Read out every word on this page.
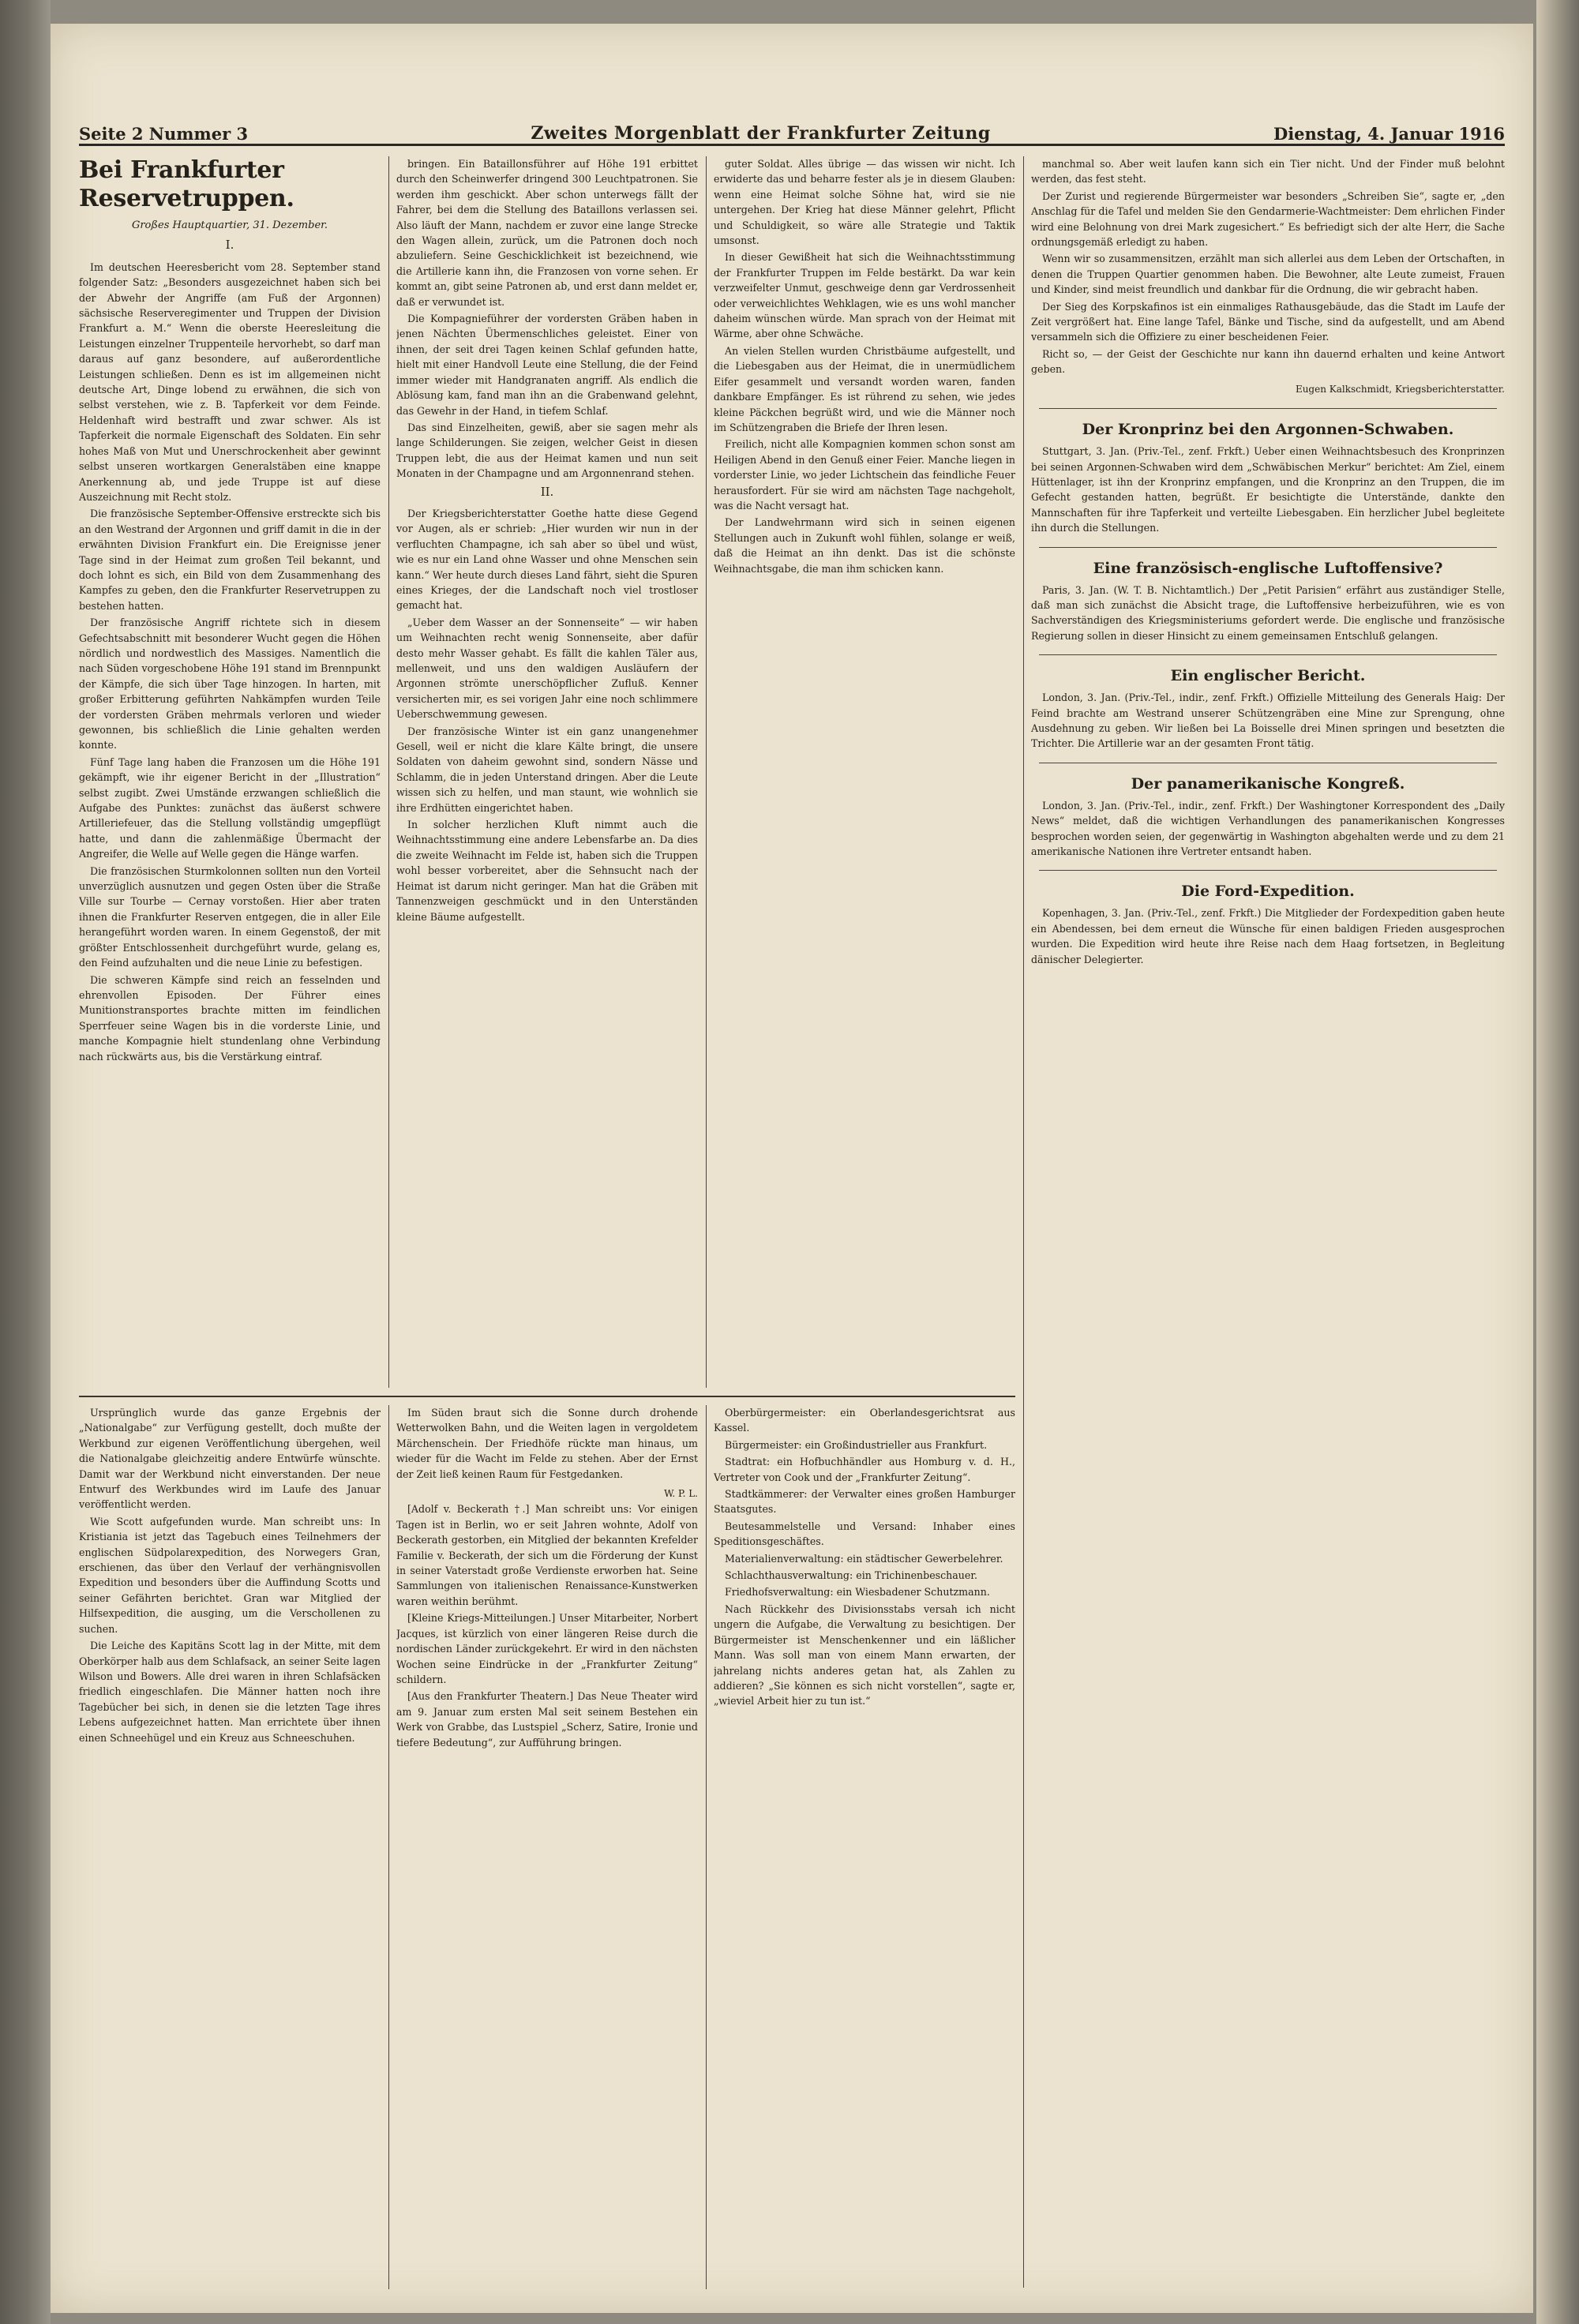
Seite 2 Nummer 3	Zweites Morgenblatt der Frankfurter Zeitung	Dienstag, 4. Januar 1916
Bei Frankfurter Reservetruppen.
Großes Hauptquartier, 31. Dezember.
I.

Im deutschen Heeresbericht vom 28. September stand folgender Satz: „Besonders ausgezeichnet haben sich bei der Abwehr der Angriffe (am Fuß der Argonnen) sächsische Reserveregimenter und Truppen der Division Frankfurt a. M.“ Wenn die oberste Heeresleitung die Leistungen einzelner Truppenteile hervorhebt, so darf man daraus auf ganz besondere, auf außerordentliche Leistungen schließen. Denn es ist im allgemeinen nicht deutsche Art, Dinge lobend zu erwähnen, die sich von selbst verstehen, wie z. B. Tapferkeit vor dem Feinde. Heldenhaft wird bestrafft und zwar schwer. Als ist Tapferkeit die normale Eigenschaft des Soldaten. Ein sehr hohes Maß von Mut und Unerschrockenheit aber gewinnt selbst unseren wortkargen Generalstäben eine knappe Anerkennung ab, und jede Truppe ist auf diese Auszeichnung mit Recht stolz.

Die französische September-Offensive erstreckte sich bis an den Westrand der Argonnen und griff damit in die in der erwähnten Division Frankfurt ein. Die Ereignisse jener Tage sind in der Heimat zum großen Teil bekannt, und doch lohnt es sich, ein Bild von dem Zusammenhang des Kampfes zu geben, den die Frankfurter Reservetruppen zu bestehen hatten.

Der französische Angriff richtete sich in diesem Gefechtsabschnitt mit besonderer Wucht gegen die Höhen nördlich und nordwestlich des Massiges. Namentlich die nach Süden vorgeschobene Höhe 191 stand im Brennpunkt der Kämpfe, die sich über Tage hinzogen. In harten, mit großer Erbitterung geführten Nahkämpfen wurden Teile der vordersten Gräben mehrmals verloren und wieder gewonnen, bis schließlich die Linie gehalten werden konnte.

Fünf Tage lang haben die Franzosen um die Höhe 191 gekämpft, wie ihr eigener Bericht in der „Illustration“ selbst zugibt. Zwei Umstände erzwangen schließlich die Aufgabe des Punktes: zunächst das äußerst schwere Artilleriefeuer, das die Stellung vollständig umgepflügt hatte, und dann die zahlenmäßige Übermacht der Angreifer, die Welle auf Welle gegen die Hänge warfen.

Die französischen Sturmkolonnen sollten nun den Vorteil unverzüglich ausnutzen und gegen Osten über die Straße Ville sur Tourbe — Cernay vorstoßen. Hier aber traten ihnen die Frankfurter Reserven entgegen, die in aller Eile herangeführt worden waren. In einem Gegenstoß, der mit größter Entschlossenheit durchgeführt wurde, gelang es, den Feind aufzuhalten und die neue Linie zu befestigen.

Die schweren Kämpfe sind reich an fesselnden und ehrenvollen Episoden. Der Führer eines Munitionstransportes brachte mitten im feindlichen Sperrfeuer seine Wagen bis in die vorderste Linie, und manche Kompagnie hielt stundenlang ohne Verbindung nach rückwärts aus, bis die Verstärkung eintraf.

bringen. Ein Bataillonsführer auf Höhe 191 erbittet durch den Scheinwerfer dringend 300 Leuchtpatronen. Sie werden ihm geschickt. Aber schon unterwegs fällt der Fahrer, bei dem die Stellung des Bataillons verlassen sei. Also läuft der Mann, nachdem er zuvor eine lange Strecke den Wagen allein, zurück, um die Patronen doch noch abzuliefern. Seine Geschicklichkeit ist bezeichnend, wie die Artillerie kann ihn, die Franzosen von vorne sehen. Er kommt an, gibt seine Patronen ab, und erst dann meldet er, daß er verwundet ist.

Die Kompagnieführer der vordersten Gräben haben in jenen Nächten Übermenschliches geleistet. Einer von ihnen, der seit drei Tagen keinen Schlaf gefunden hatte, hielt mit einer Handvoll Leute eine Stellung, die der Feind immer wieder mit Handgranaten angriff. Als endlich die Ablösung kam, fand man ihn an die Grabenwand gelehnt, das Gewehr in der Hand, in tiefem Schlaf.

Das sind Einzelheiten, gewiß, aber sie sagen mehr als lange Schilderungen. Sie zeigen, welcher Geist in diesen Truppen lebt, die aus der Heimat kamen und nun seit Monaten in der Champagne und am Argonnenrand stehen.

II.

Der Kriegsberichterstatter Goethe hatte diese Gegend vor Augen, als er schrieb: „Hier wurden wir nun in der verfluchten Champagne, ich sah aber so übel und wüst, wie es nur ein Land ohne Wasser und ohne Menschen sein kann.“ Wer heute durch dieses Land fährt, sieht die Spuren eines Krieges, der die Landschaft noch viel trostloser gemacht hat.

„Ueber dem Wasser an der Sonnenseite“ — wir haben um Weihnachten recht wenig Sonnenseite, aber dafür desto mehr Wasser gehabt. Es fällt die kahlen Täler aus, mellenweit, und uns den waldigen Ausläufern der Argonnen strömte unerschöpflicher Zufluß. Kenner versicherten mir, es sei vorigen Jahr eine noch schlimmere Ueberschwemmung gewesen.

Der französische Winter ist ein ganz unangenehmer Gesell, weil er nicht die klare Kälte bringt, die unsere Soldaten von daheim gewohnt sind, sondern Nässe und Schlamm, die in jeden Unterstand dringen. Aber die Leute wissen sich zu helfen, und man staunt, wie wohnlich sie ihre Erdhütten eingerichtet haben.

In solcher herzlichen Kluft nimmt auch die Weihnachtsstimmung eine andere Lebensfarbe an. Da dies die zweite Weihnacht im Felde ist, haben sich die Truppen wohl besser vorbereitet, aber die Sehnsucht nach der Heimat ist darum nicht geringer. Man hat die Gräben mit Tannenzweigen geschmückt und in den Unterständen kleine Bäume aufgestellt.

guter Soldat. Alles übrige — das wissen wir nicht. Ich erwiderte das und beharre fester als je in diesem Glauben: wenn eine Heimat solche Söhne hat, wird sie nie untergehen. Der Krieg hat diese Männer gelehrt, Pflicht und Schuldigkeit, so wäre alle Strategie und Taktik umsonst.

In dieser Gewißheit hat sich die Weihnachtsstimmung der Frankfurter Truppen im Felde bestärkt. Da war kein verzweifelter Unmut, geschweige denn gar Verdrossenheit oder verweichlichtes Wehklagen, wie es uns wohl mancher daheim wünschen würde. Man sprach von der Heimat mit Wärme, aber ohne Schwäche.

An vielen Stellen wurden Christbäume aufgestellt, und die Liebesgaben aus der Heimat, die in unermüdlichem Eifer gesammelt und versandt worden waren, fanden dankbare Empfänger. Es ist rührend zu sehen, wie jedes kleine Päckchen begrüßt wird, und wie die Männer noch im Schützengraben die Briefe der Ihren lesen.

Freilich, nicht alle Kompagnien kommen schon sonst am Heiligen Abend in den Genuß einer Feier. Manche liegen in vorderster Linie, wo jeder Lichtschein das feindliche Feuer herausfordert. Für sie wird am nächsten Tage nachgeholt, was die Nacht versagt hat.

Der Landwehrmann wird sich in seinen eigenen Stellungen auch in Zukunft wohl fühlen, solange er weiß, daß die Heimat an ihn denkt. Das ist die schönste Weihnachtsgabe, die man ihm schicken kann.

manchmal so. Aber weit laufen kann sich ein Tier nicht. Und der Finder muß belohnt werden, das fest steht.

Der Zurist und regierende Bürgermeister war besonders „Schreiben Sie“, sagte er, „den Anschlag für die Tafel und melden Sie den Gendarmerie-Wachtmeister: Dem ehrlichen Finder wird eine Belohnung von drei Mark zugesichert.“ Es befriedigt sich der alte Herr, die Sache ordnungsgemäß erledigt zu haben.

Wenn wir so zusammensitzen, erzählt man sich allerlei aus dem Leben der Ortschaften, in denen die Truppen Quartier genommen haben. Die Bewohner, alte Leute zumeist, Frauen und Kinder, sind meist freundlich und dankbar für die Ordnung, die wir gebracht haben.

Der Sieg des Korpskafinos ist ein einmaliges Rathausgebäude, das die Stadt im Laufe der Zeit vergrößert hat. Eine lange Tafel, Bänke und Tische, sind da aufgestellt, und am Abend versammeln sich die Offiziere zu einer bescheidenen Feier.

Richt so, — der Geist der Geschichte nur kann ihn dauernd erhalten und keine Antwort geben.

Eugen Kalkschmidt, Kriegsberichterstatter.
Der Kronprinz bei den Argonnen-Schwaben.

Stuttgart, 3. Jan. (Priv.-Tel., zenf. Frkft.) Ueber einen Weihnachtsbesuch des Kronprinzen bei seinen Argonnen-Schwaben wird dem „Schwäbischen Merkur“ berichtet: Am Ziel, einem Hüttenlager, ist ihn der Kronprinz empfangen, und die Kronprinz an den Truppen, die im Gefecht gestanden hatten, begrüßt. Er besichtigte die Unterstände, dankte den Mannschaften für ihre Tapferkeit und verteilte Liebesgaben. Ein herzlicher Jubel begleitete ihn durch die Stellungen.

Eine französisch-englische Luftoffensive?

Paris, 3. Jan. (W. T. B. Nichtamtlich.) Der „Petit Parisien“ erfährt aus zuständiger Stelle, daß man sich zunächst die Absicht trage, die Luftoffensive herbeizuführen, wie es von Sachverständigen des Kriegsministeriums gefordert werde. Die englische und französische Regierung sollen in dieser Hinsicht zu einem gemeinsamen Entschluß gelangen.

Ein englischer Bericht.

London, 3. Jan. (Priv.-Tel., indir., zenf. Frkft.) Offizielle Mitteilung des Generals Haig: Der Feind brachte am Westrand unserer Schützengräben eine Mine zur Sprengung, ohne Ausdehnung zu geben. Wir ließen bei La Boisselle drei Minen springen und besetzten die Trichter. Die Artillerie war an der gesamten Front tätig.

Der panamerikanische Kongreß.

London, 3. Jan. (Priv.-Tel., indir., zenf. Frkft.) Der Washingtoner Korrespondent des „Daily News“ meldet, daß die wichtigen Verhandlungen des panamerikanischen Kongresses besprochen worden seien, der gegenwärtig in Washington abgehalten werde und zu dem 21 amerikanische Nationen ihre Vertreter entsandt haben.

Die Ford-Expedition.

Kopenhagen, 3. Jan. (Priv.-Tel., zenf. Frkft.) Die Mitglieder der Fordexpedition gaben heute ein Abendessen, bei dem erneut die Wünsche für einen baldigen Frieden ausgesprochen wurden. Die Expedition wird heute ihre Reise nach dem Haag fortsetzen, in Begleitung dänischer Delegierter.

Ursprünglich wurde das ganze Ergebnis der „Nationalgabe“ zur Verfügung gestellt, doch mußte der Werkbund zur eigenen Veröffentlichung übergehen, weil die Nationalgabe gleichzeitig andere Entwürfe wünschte. Damit war der Werkbund nicht einverstanden. Der neue Entwurf des Werkbundes wird im Laufe des Januar veröffentlicht werden.

Wie Scott aufgefunden wurde. Man schreibt uns: In Kristiania ist jetzt das Tagebuch eines Teilnehmers der englischen Südpolarexpedition, des Norwegers Gran, erschienen, das über den Verlauf der verhängnisvollen Expedition und besonders über die Auffindung Scotts und seiner Gefährten berichtet. Gran war Mitglied der Hilfsexpedition, die ausging, um die Verschollenen zu suchen.

Die Leiche des Kapitäns Scott lag in der Mitte, mit dem Oberkörper halb aus dem Schlafsack, an seiner Seite lagen Wilson und Bowers. Alle drei waren in ihren Schlafsäcken friedlich eingeschlafen. Die Männer hatten noch ihre Tagebücher bei sich, in denen sie die letzten Tage ihres Lebens aufgezeichnet hatten. Man errichtete über ihnen einen Schneehügel und ein Kreuz aus Schneeschuhen.

Im Süden braut sich die Sonne durch drohende Wetterwolken Bahn, und die Weiten lagen in vergoldetem Märchenschein. Der Friedhöfe rückte man hinaus, um wieder für die Wacht im Felde zu stehen. Aber der Ernst der Zeit ließ keinen Raum für Festgedanken.

W. P. L.

[Adolf v. Beckerath †.] Man schreibt uns: Vor einigen Tagen ist in Berlin, wo er seit Jahren wohnte, Adolf von Beckerath gestorben, ein Mitglied der bekannten Krefelder Familie v. Beckerath, der sich um die Förderung der Kunst in seiner Vaterstadt große Verdienste erworben hat. Seine Sammlungen von italienischen Renaissance-Kunstwerken waren weithin berühmt.

[Kleine Kriegs-Mitteilungen.] Unser Mitarbeiter, Norbert Jacques, ist kürzlich von einer längeren Reise durch die nordischen Länder zurückgekehrt. Er wird in den nächsten Wochen seine Eindrücke in der „Frankfurter Zeitung“ schildern.

[Aus den Frankfurter Theatern.] Das Neue Theater wird am 9. Januar zum ersten Mal seit seinem Bestehen ein Werk von Grabbe, das Lustspiel „Scherz, Satire, Ironie und tiefere Bedeutung“, zur Aufführung bringen.

Oberbürgermeister: ein Oberlandesgerichtsrat aus Kassel.

Bürgermeister: ein Großindustrieller aus Frankfurt.

Stadtrat: ein Hofbuchhändler aus Homburg v. d. H., Vertreter von Cook und der „Frankfurter Zeitung“.

Stadtkämmerer: der Verwalter eines großen Hamburger Staatsgutes.

Beutesammelstelle und Versand: Inhaber eines Speditionsgeschäftes.

Materialienverwaltung: ein städtischer Gewerbelehrer.

Schlachthausverwaltung: ein Trichinenbeschauer.

Friedhofsverwaltung: ein Wiesbadener Schutzmann.

Nach Rückkehr des Divisionsstabs versah ich nicht ungern die Aufgabe, die Verwaltung zu besichtigen. Der Bürgermeister ist Menschenkenner und ein läßlicher Mann. Was soll man von einem Mann erwarten, der jahrelang nichts anderes getan hat, als Zahlen zu addieren? „Sie können es sich nicht vorstellen“, sagte er, „wieviel Arbeit hier zu tun ist.“
